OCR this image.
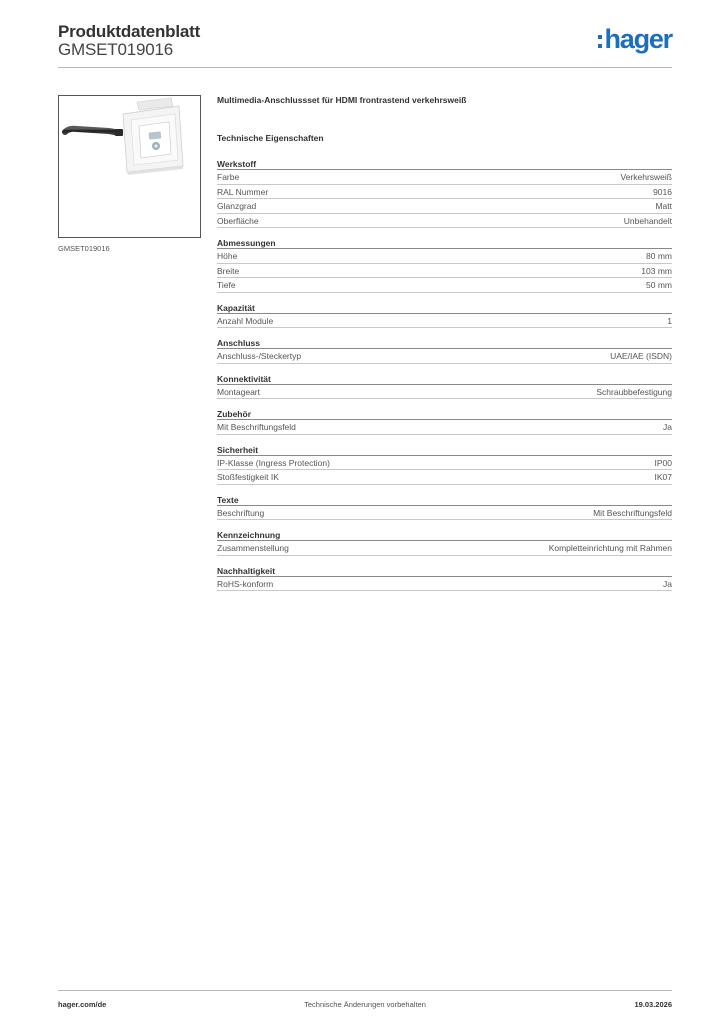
Produktdatenblatt
GMSET019016	hager
GMSET019016
Multimedia-Anschlussset für HDMI frontrastend verkehrsweiß
Technische Eigenschaften
Werkstoff
Farbe	Verkehrsweiß
RAL Nummer	9016
Glanzgrad	Matt
Oberfläche	Unbehandelt
Abmessungen
Höhe	80 mm
Breite	103 mm
Tiefe	50 mm
Kapazität
Anzahl Module	1
Anschluss
Anschluss-/Steckertyp	UAE/IAE (ISDN)
Konnektivität
Montageart	Schraubbefestigung
Zubehör
Mit Beschriftungsfeld	Ja
Sicherheit
IP-Klasse (Ingress Protection)	IP00
Stoßfestigkeit IK	IK07
Texte
Beschriftung	Mit Beschriftungsfeld
Kennzeichnung
Zusammenstellung	Kompletteinrichtung mit Rahmen
Nachhaltigkeit
RoHS-konform	Ja
hager.com/de	Technische Änderungen vorbehalten	19.03.2026
